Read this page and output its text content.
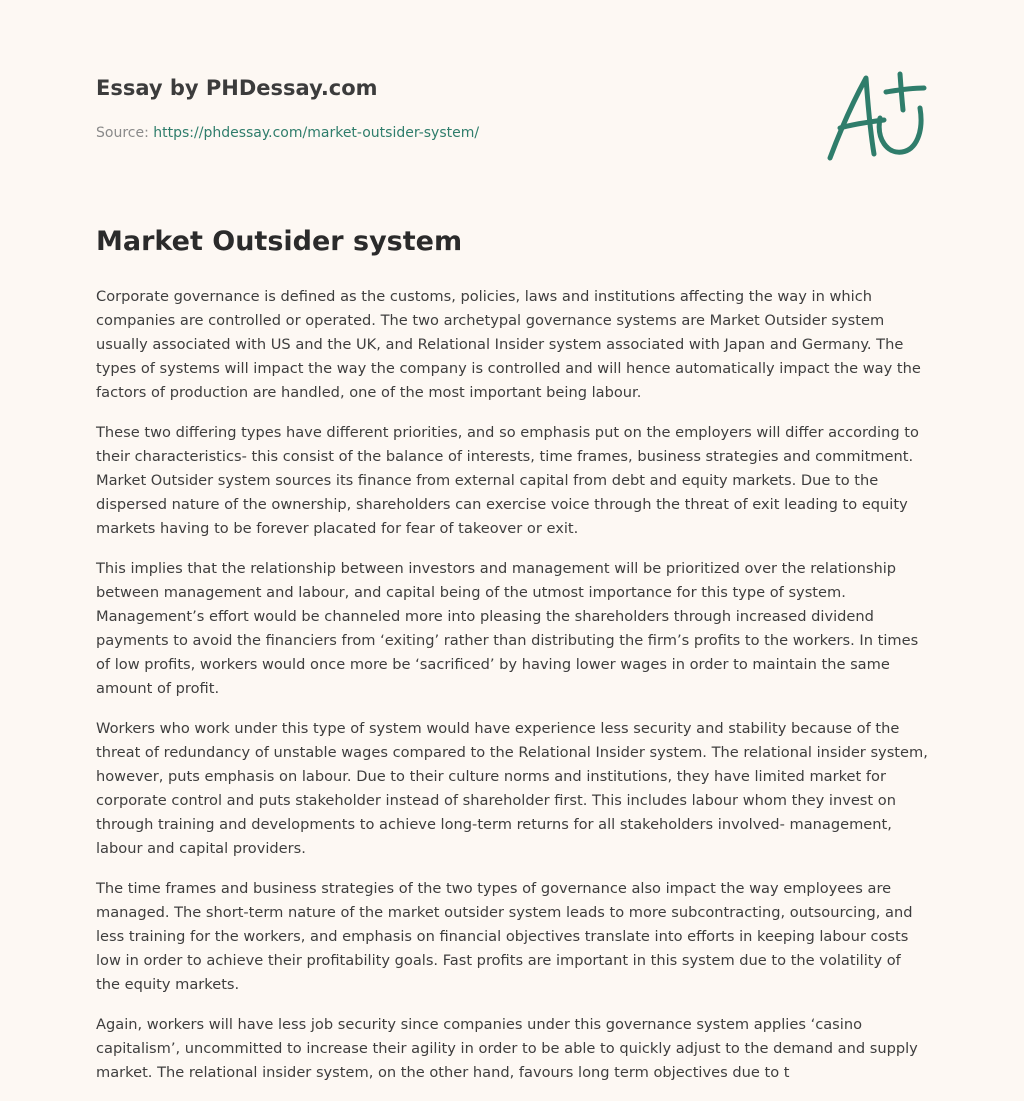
Essay by PHDessay.com
Source: https://phdessay.com/market-outsider-system/
Market Outsider system

Corporate governance is defined as the customs, policies, laws and institutions affecting the way in which companies are controlled or operated. The two archetypal governance systems are Market Outsider system usually associated with US and the UK, and Relational Insider system associated with Japan and Germany. The types of systems will impact the way the company is controlled and will hence automatically impact the way the factors of production are handled, one of the most important being labour.

These two differing types have different priorities, and so emphasis put on the employers will differ according to their characteristics- this consist of the balance of interests, time frames, business strategies and commitment. Market Outsider system sources its finance from external capital from debt and equity markets. Due to the dispersed nature of the ownership, shareholders can exercise voice through the threat of exit leading to equity markets having to be forever placated for fear of takeover or exit.

This implies that the relationship between investors and management will be prioritized over the relationship between management and labour, and capital being of the utmost importance for this type of system. Management’s effort would be channeled more into pleasing the shareholders through increased dividend payments to avoid the financiers from ‘exiting’ rather than distributing the firm’s profits to the workers. In times of low profits, workers would once more be ‘sacrificed’ by having lower wages in order to maintain the same amount of profit.

Workers who work under this type of system would have experience less security and stability because of the threat of redundancy of unstable wages compared to the Relational Insider system. The relational insider system, however, puts emphasis on labour. Due to their culture norms and institutions, they have limited market for corporate control and puts stakeholder instead of shareholder first. This includes labour whom they invest on through training and developments to achieve long-term returns for all stakeholders involved- management, labour and capital providers.

The time frames and business strategies of the two types of governance also impact the way employees are managed. The short-term nature of the market outsider system leads to more subcontracting, outsourcing, and less training for the workers, and emphasis on financial objectives translate into efforts in keeping labour costs low in order to achieve their profitability goals. Fast profits are important in this system due to the volatility of the equity markets.

Again, workers will have less job security since companies under this governance system applies ‘casino capitalism’, uncommitted to increase their agility in order to be able to quickly adjust to the demand and supply market. The relational insider system, on the other hand, favours long term objectives due to t
